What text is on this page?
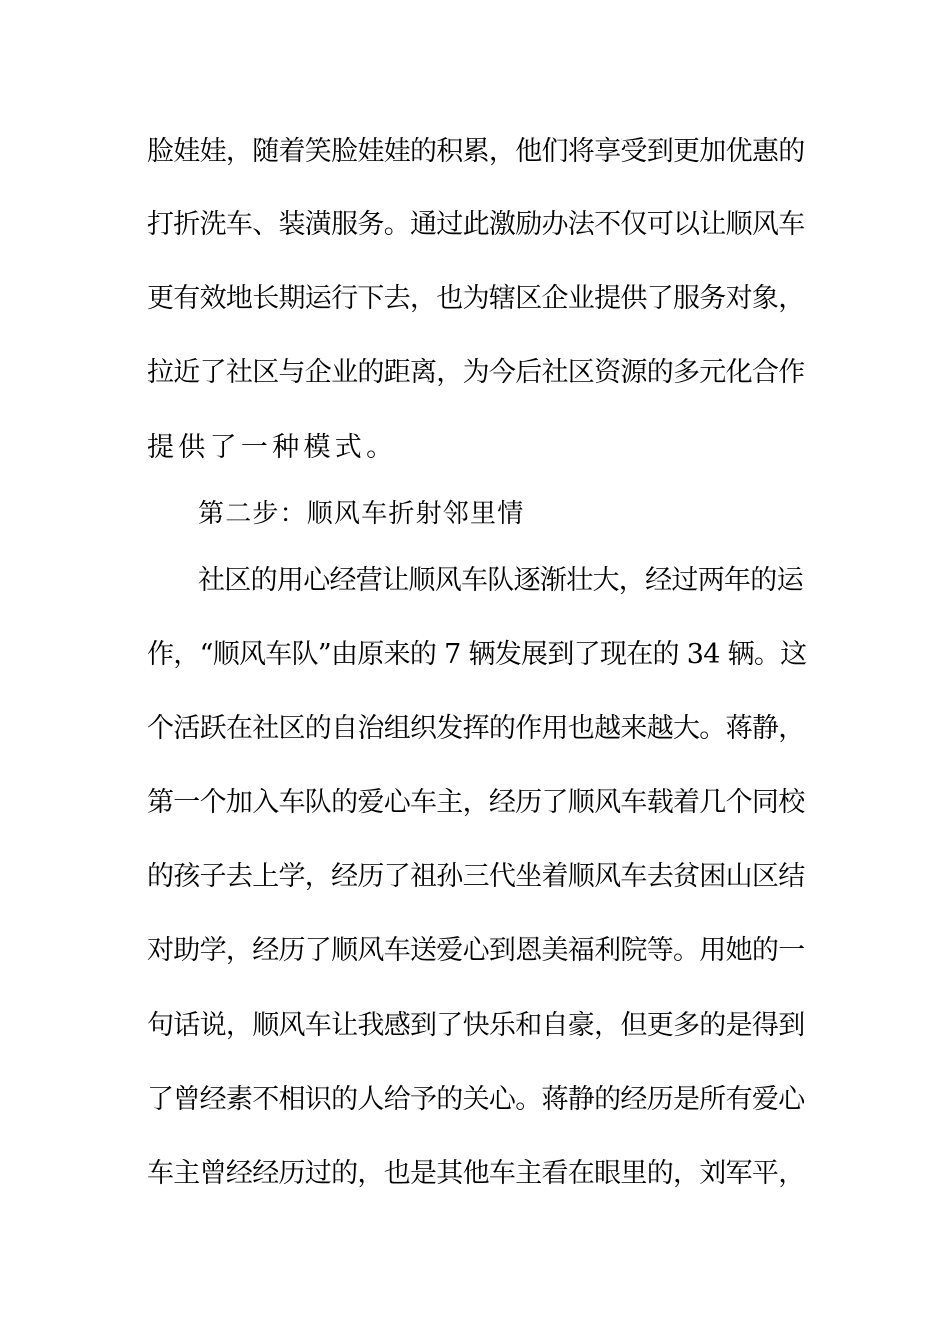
脸娃娃，随着笑脸娃娃的积累，他们将享受到更加优惠的
打折洗车、装潢服务。通过此激励办法不仅可以让顺风车
更有效地长期运行下去，也为辖区企业提供了服务对象，
拉近了社区与企业的距离，为今后社区资源的多元化合作
提供了一种模式。
第二步：顺风车折射邻里情
社区的用心经营让顺风车队逐渐壮大，经过两年的运
作，“顺风车队”由原来的 7 辆发展到了现在的 34 辆。这
个活跃在社区的自治组织发挥的作用也越来越大。蒋静，
第一个加入车队的爱心车主，经历了顺风车载着几个同校
的孩子去上学，经历了祖孙三代坐着顺风车去贫困山区结
对助学，经历了顺风车送爱心到恩美福利院等。用她的一
句话说，顺风车让我感到了快乐和自豪，但更多的是得到
了曾经素不相识的人给予的关心。蒋静的经历是所有爱心
车主曾经经历过的，也是其他车主看在眼里的，刘军平，
